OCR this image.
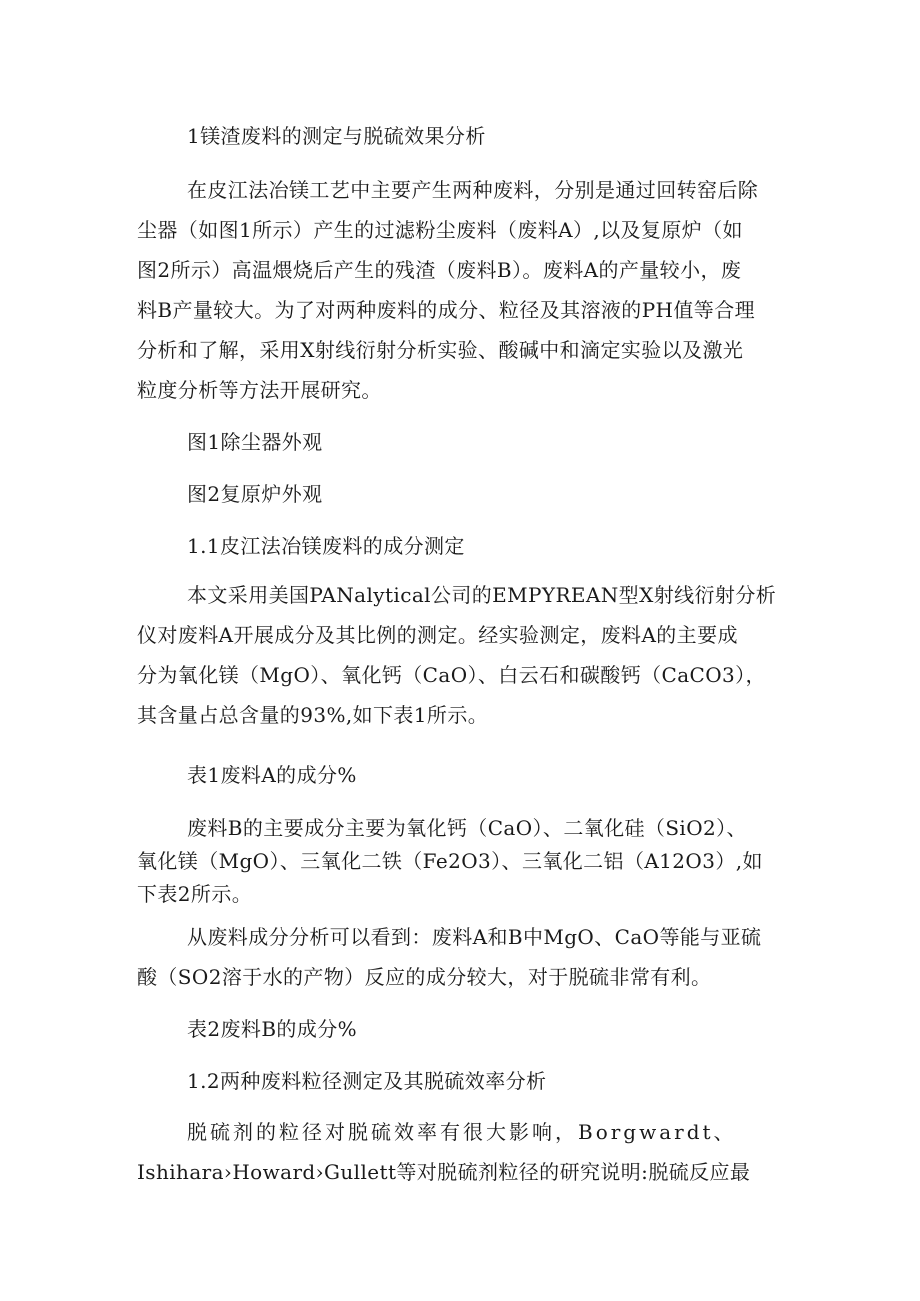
1镁渣废料的测定与脱硫效果分析
在皮江法冶镁工艺中主要产生两种废料，分别是通过回转窑后除
尘器（如图1所示）产生的过滤粉尘废料（废料A）,以及复原炉（如
图2所示）高温煨烧后产生的残渣（废料B）。废料A的产量较小，废
料B产量较大。为了对两种废料的成分、粒径及其溶液的PH值等合理
分析和了解，采用X射线衍射分析实验、酸碱中和滴定实验以及激光
粒度分析等方法开展研究。
图1除尘器外观
图2复原炉外观
1.1皮江法冶镁废料的成分测定
本文采用美国PANalytical公司的EMPYREAN型X射线衍射分析
仪对废料A开展成分及其比例的测定。经实验测定，废料A的主要成
分为氧化镁（MgO）、氧化钙（CaO）、白云石和碳酸钙（CaCO3），
其含量占总含量的93%,如下表1所示。
表1废料A的成分%
废料B的主要成分主要为氧化钙（CaO）、二氧化硅（SiO2）、
氧化镁（MgO）、三氧化二铁（Fe2O3）、三氧化二铝（A12O3）,如
下表2所示。
从废料成分分析可以看到：废料A和B中MgO、CaO等能与亚硫
酸（SO2溶于水的产物）反应的成分较大，对于脱硫非常有利。
表2废料B的成分%
1.2两种废料粒径测定及其脱硫效率分析
脱硫剂的粒径对脱硫效率有很大影响，Borgwardt、
Ishihara›Howard›Gullett等对脱硫剂粒径的研究说明:脱硫反应最
